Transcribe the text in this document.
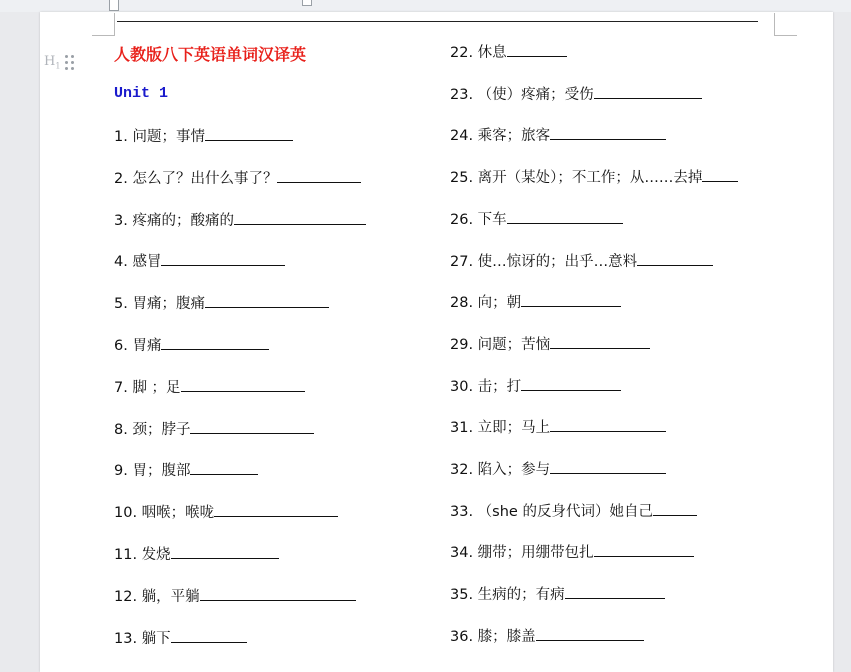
$H_1$
人教版八下英语单词汉译英
Unit 1
1. 问题；事情
2. 怎么了？出什么事了？
3. 疼痛的；酸痛的
4. 感冒
5. 胃痛；腹痛
6. 胃痛
7. 脚 ；足
8. 颈；脖子
9. 胃；腹部
10. 咽喉；喉咙
11. 发烧
12. 躺，平躺
13. 躺下
22. 休息
23. （使）疼痛；受伤
24. 乘客；旅客
25. 离开（某处）；不工作；从……去掉
26. 下车
27. 使…惊讶的；出乎…意料
28. 向；朝
29. 问题；苦恼
30. 击；打
31. 立即；马上
32. 陷入；参与
33. （she 的反身代词）她自己
34. 绷带；用绷带包扎
35. 生病的；有病
36. 膝；膝盖
